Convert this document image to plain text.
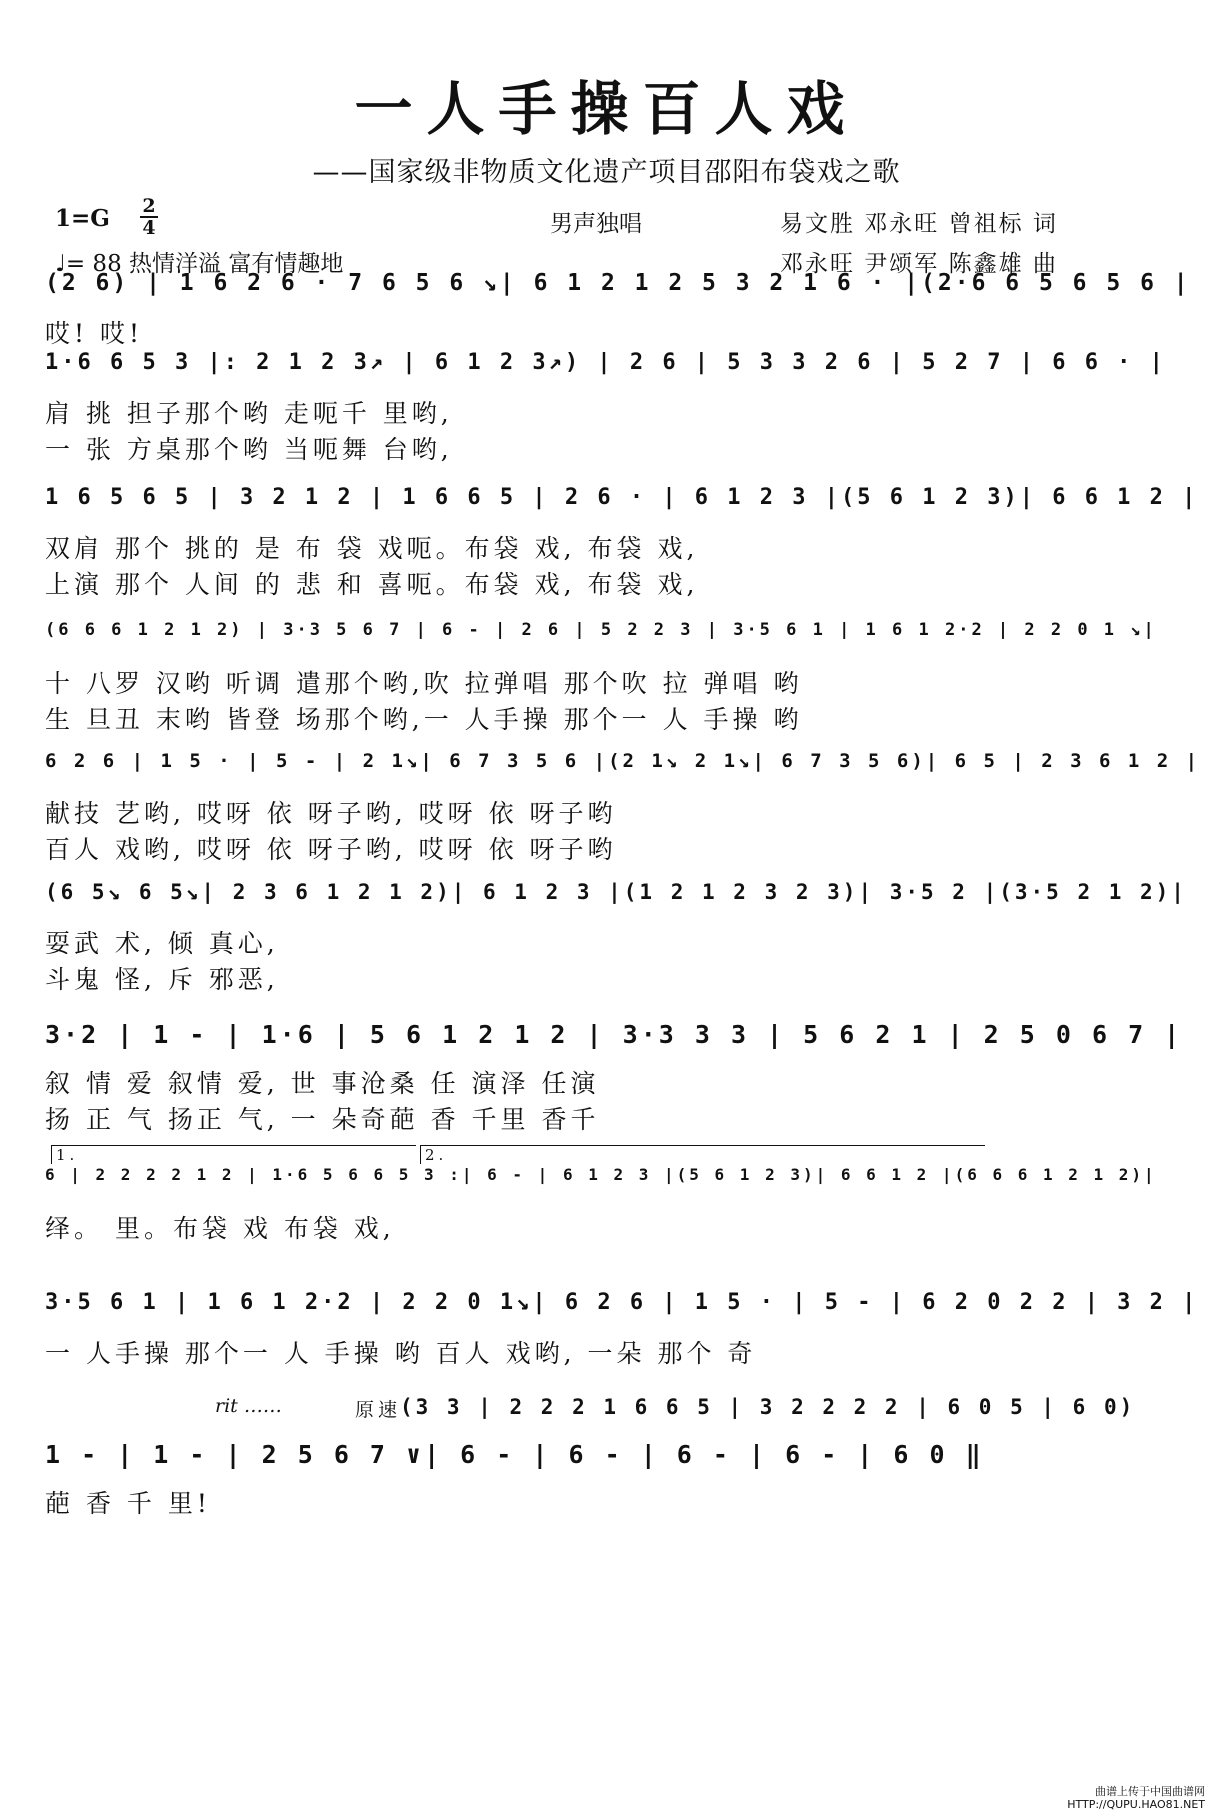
一人手操百人戏
——国家级非物质文化遗产项目邵阳布袋戏之歌
1=G 2
4
♩= 88 热情洋溢 富有情趣地
男声独唱	易文胜 邓永旺 曾祖标 词
邓永旺 尹颂军 陈鑫雄 曲
(2 6) | 1 6 2 6 · 7 6 5 6 ↘| 6 1 2 1 2 5 3 2 1 6 · |(2·6 6 5 6 5 6 |
哎! 哎!
1·6 6 5 3 |: 2 1 2 3↗ | 6 1 2 3↗) | 2 6 | 5 3 3 2 6 | 5 2 7 | 6 6 · |
肩 挑 担子那个哟 走呃千 里哟,
一 张 方桌那个哟 当呃舞 台哟,
1 6 5 6 5 | 3 2 1 2 | 1 6 6 5 | 2 6 · | 6 1 2 3 |(5 6 1 2 3)| 6 6 1 2 |
双肩 那个 挑的 是 布 袋 戏呃。布袋 戏, 布袋 戏,
上演 那个 人间 的 悲 和 喜呃。布袋 戏, 布袋 戏,
(6 6 6 1 2 1 2) | 3·3 5 6 7 | 6 - | 2 6 | 5 2 2 3 | 3·5 6 1 | 1 6 1 2·2 | 2 2 0 1 ↘|
十 八罗 汉哟 听调 遣那个哟,吹 拉弹唱 那个吹 拉 弹唱 哟
生 旦丑 末哟 皆登 场那个哟,一 人手操 那个一 人 手操 哟
6 2 6 | 1 5 · | 5 - | 2 1↘| 6 7 3 5 6 |(2 1↘ 2 1↘| 6 7 3 5 6)| 6 5 | 2 3 6 1 2 |
献技 艺哟, 哎呀 依 呀子哟, 哎呀 依 呀子哟
百人 戏哟, 哎呀 依 呀子哟, 哎呀 依 呀子哟
(6 5↘ 6 5↘| 2 3 6 1 2 1 2)| 6 1 2 3 |(1 2 1 2 3 2 3)| 3·5 2 |(3·5 2 1 2)|
耍武 术, 倾 真心,
斗鬼 怪, 斥 邪恶,
3·2 | 1 - | 1·6 | 5 6 1 2 1 2 | 3·3 3 3 | 5 6 2 1 | 2 5 0 6 7 |
叙 情 爱 叙情 爱, 世 事沧桑 任 演泽 任演
扬 正 气 扬正 气, 一 朵奇葩 香 千里 香千
1.	2.
6 | 2 2 2 2 1 2 | 1·6 5 6 6 5 3 :| 6 - | 6 1 2 3 |(5 6 1 2 3)| 6 6 1 2 |(6 6 6 1 2 1 2)|
绎。 里。布袋 戏 布袋 戏,
3·5 6 1 | 1 6 1 2·2 | 2 2 0 1↘| 6 2 6 | 1 5 · | 5 - | 6 2 0 2 2 | 3 2 |
一 人手操 那个一 人 手操 哟 百人 戏哟, 一朵 那个 奇
rit ……	原速
(3 3 | 2 2 2 1 6 6 5 | 3 2 2 2 2 | 6 0 5 | 6 0)
1 - | 1 - | 2 5 6 7 ∨| 6 - | 6 - | 6 - | 6 - | 6 0 ‖
葩 香 千 里!
曲谱上传于中国曲谱网
HTTP://QUPU.HAO81.NET
